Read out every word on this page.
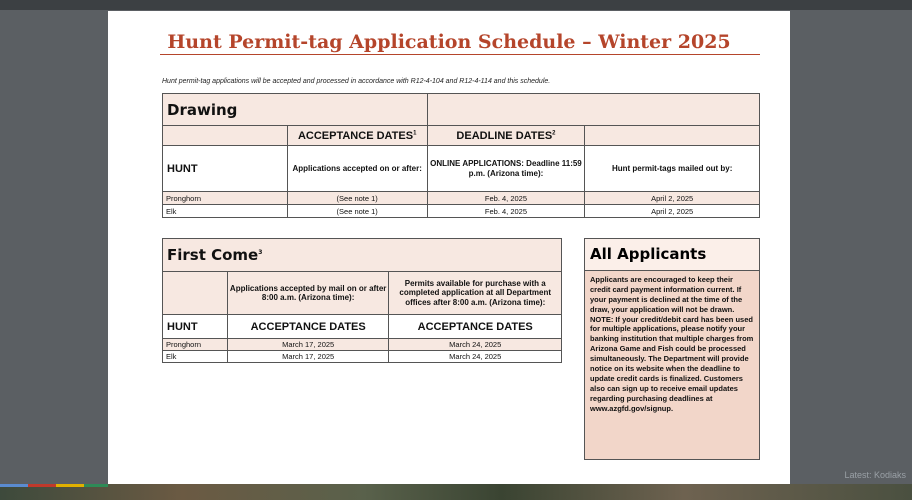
Latest: Kodiaks
Hunt Permit-tag Application Schedule – Winter 2025
Hunt permit-tag applications will be accepted and processed in accordance with R12-4-104 and R12-4-114 and this schedule.
Drawing			
	ACCEPTANCE DATES$^1$	DEADLINE DATES$^2$	
HUNT	Applications accepted on or after:	ONLINE APPLICATIONS: Deadline 11:59 p.m. (Arizona time):	Hunt permit-tags mailed out by:
Pronghorn	(See note 1)	Feb. 4, 2025	April 2, 2025
Elk	(See note 1)	Feb. 4, 2025	April 2, 2025
First Come$^3$
	Applications accepted by mail on or after 8:00 a.m. (Arizona time):	Permits available for purchase with a completed application at all Department offices after 8:00 a.m. (Arizona time):
HUNT	ACCEPTANCE DATES	ACCEPTANCE DATES
Pronghorn	March 17, 2025	March 24, 2025
Elk	March 17, 2025	March 24, 2025
All Applicants
Applicants are encouraged to keep their credit card payment information current. If your payment is declined at the time of the draw, your application will not be drawn. NOTE: If your credit/debit card has been used for multiple applications, please notify your banking institution that multiple charges from Arizona Game and Fish could be processed simultaneously. The Department will provide notice on its website when the deadline to update credit cards is finalized. Customers also can sign up to receive email updates regarding purchasing deadlines at www.azgfd.gov/signup.
